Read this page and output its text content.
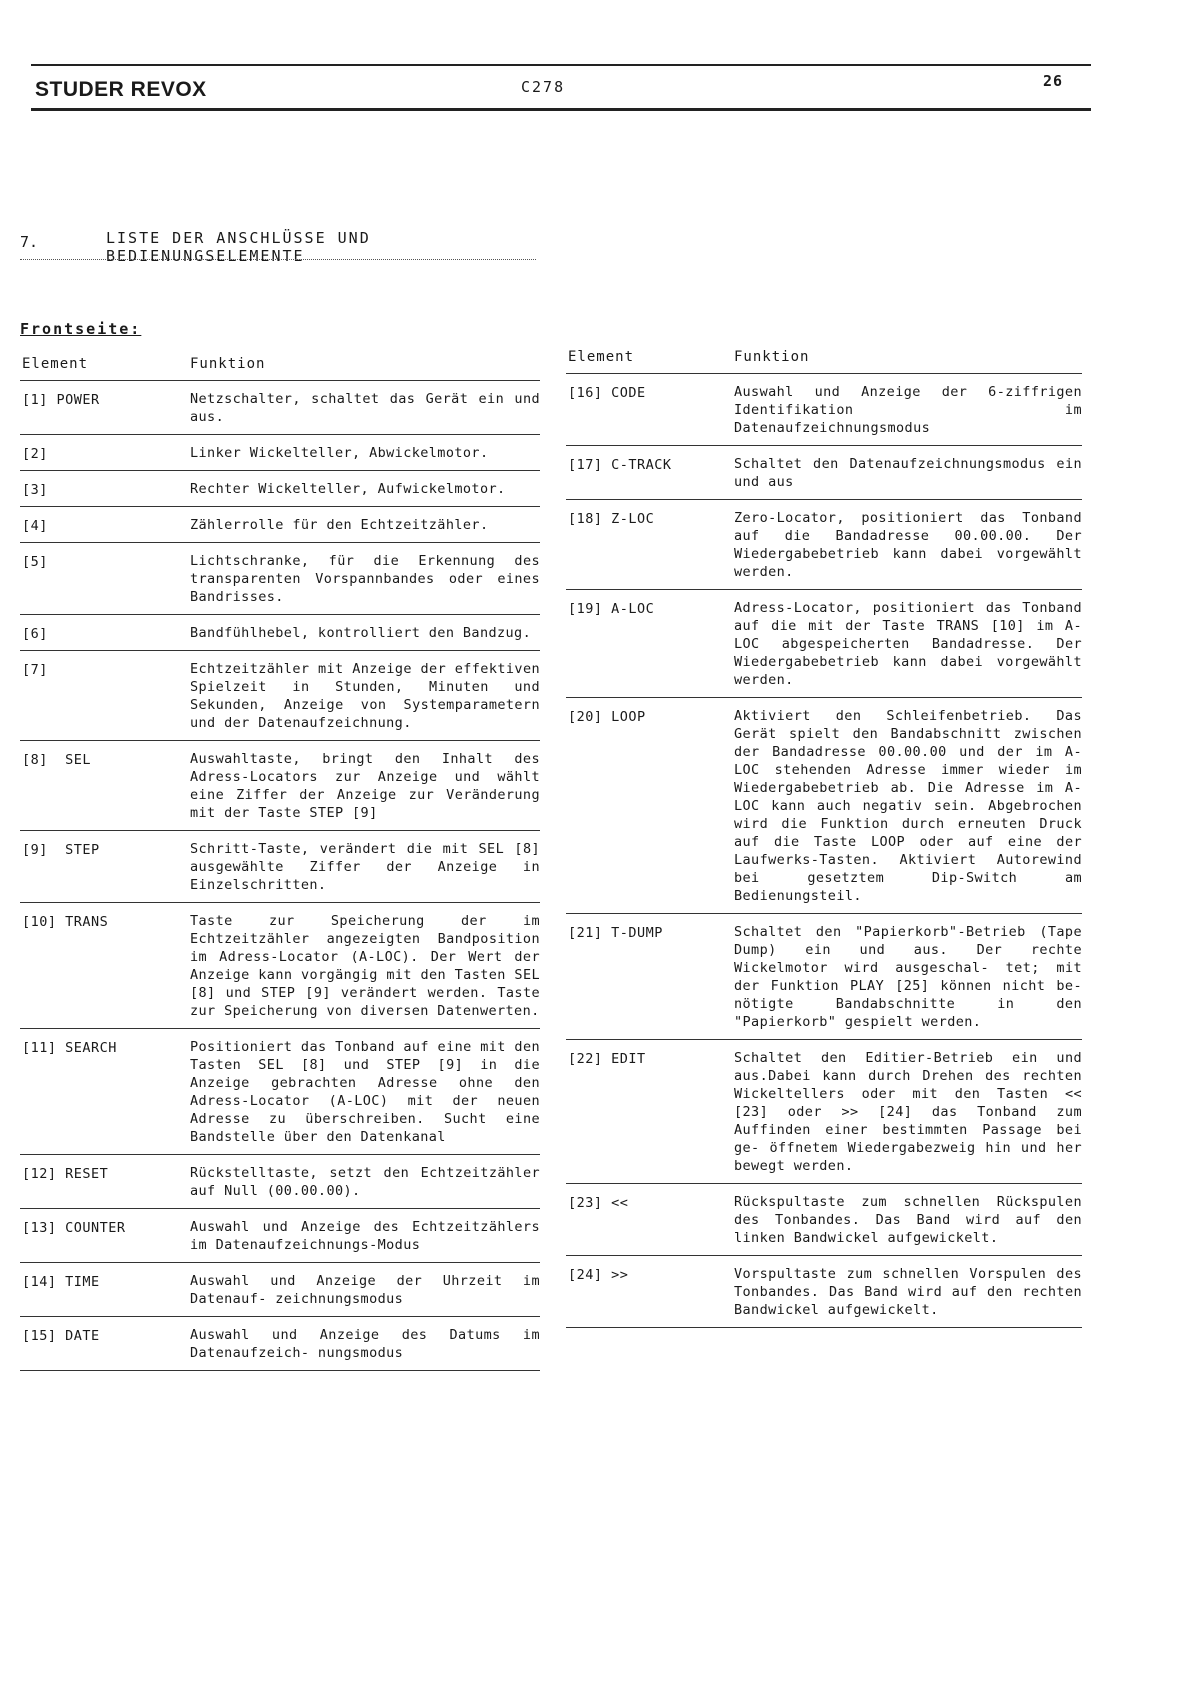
STUDER REVOX	C278	26
7.	LISTE DER ANSCHLÜSSE UND
BEDIENUNGSELEMENTE
Frontseite:
Element	Funktion
[1] POWER	Netzschalter, schaltet das Gerät ein und aus.
[2]	Linker Wickelteller, Abwickelmotor.
[3]	Rechter Wickelteller, Aufwickelmotor.
[4]	Zählerrolle für den Echtzeitzähler.
[5]	Lichtschranke, für die Erkennung des transparenten Vorspannbandes oder eines Bandrisses.
[6]	Bandfühlhebel, kontrolliert den Bandzug.
[7]	Echtzeitzähler mit Anzeige der effektiven Spielzeit in Stunden, Minuten und Sekunden, Anzeige von Systemparametern und der Datenaufzeichnung.
[8]  SEL	Auswahltaste, bringt den Inhalt des Adress-Locators zur Anzeige und wählt eine Ziffer der Anzeige zur Veränderung mit der Taste STEP [9]
[9]  STEP	Schritt-Taste, verändert die mit SEL [8] ausgewählte Ziffer der Anzeige in Einzelschritten.
[10] TRANS	Taste zur Speicherung der im Echtzeitzähler angezeigten Bandposition im Adress-Locator (A-LOC). Der Wert der Anzeige kann vorgängig mit den Tasten SEL [8] und STEP [9] verändert werden. Taste zur Speicherung von diversen Datenwerten.
[11] SEARCH	Positioniert das Tonband auf eine mit den Tasten SEL [8] und STEP [9] in die Anzeige gebrachten Adresse ohne den Adress-Locator (A-LOC) mit der neuen Adresse zu überschreiben. Sucht eine Bandstelle über den Datenkanal
[12] RESET	Rückstelltaste, setzt den Echtzeitzähler auf Null (00.00.00).
[13] COUNTER	Auswahl und Anzeige des Echtzeitzählers im Datenaufzeichnungs-Modus
[14] TIME	Auswahl und Anzeige der Uhrzeit im Datenauf- zeichnungsmodus
[15] DATE	Auswahl und Anzeige des Datums im Datenaufzeich- nungsmodus
Element	Funktion
[16] CODE	Auswahl und Anzeige der 6-ziffrigen Identifikation im Datenaufzeichnungsmodus
[17] C-TRACK	Schaltet den Datenaufzeichnungsmodus ein und aus
[18] Z-LOC	Zero-Locator, positioniert das Tonband auf die Bandadresse 00.00.00. Der Wiedergabebetrieb kann dabei vorgewählt werden.
[19] A-LOC	Adress-Locator, positioniert das Tonband auf die mit der Taste TRANS [10] im A-LOC abgespeicherten Bandadresse. Der Wiedergabebetrieb kann dabei vorgewählt werden.
[20] LOOP	Aktiviert den Schleifenbetrieb. Das Gerät spielt den Bandabschnitt zwischen der Bandadresse 00.00.00 und der im A-LOC stehenden Adresse immer wieder im Wiedergabebetrieb ab. Die Adresse im A-LOC kann auch negativ sein. Abgebrochen wird die Funktion durch erneuten Druck auf die Taste LOOP oder auf eine der Laufwerks-Tasten. Aktiviert Autorewind bei gesetztem Dip-Switch am Bedienungsteil.
[21] T-DUMP	Schaltet den "Papierkorb"-Betrieb (Tape Dump) ein und aus. Der rechte Wickelmotor wird ausgeschal- tet; mit der Funktion PLAY [25] können nicht be- nötigte Bandabschnitte in den "Papierkorb" gespielt werden.
[22] EDIT	Schaltet den Editier-Betrieb ein und aus.Dabei kann durch Drehen des rechten Wickeltellers oder mit den Tasten << [23] oder >> [24] das Tonband zum Auffinden einer bestimmten Passage bei ge- öffnetem Wiedergabezweig hin und her bewegt werden.
[23] <<	Rückspultaste zum schnellen Rückspulen des Tonbandes. Das Band wird auf den linken Bandwickel aufgewickelt.
[24] >>	Vorspultaste zum schnellen Vorspulen des Tonbandes. Das Band wird auf den rechten Bandwickel aufgewickelt.
